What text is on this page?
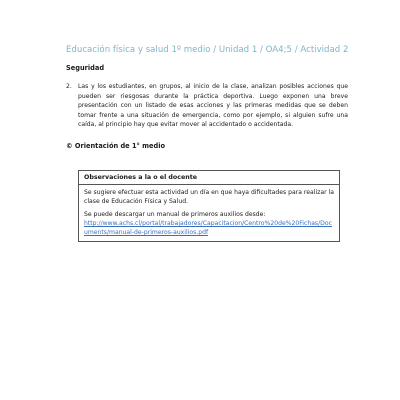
Educación física y salud 1º medio / Unidad 1 / OA4;5 / Actividad 2
Seguridad
2.	Las y los estudiantes, en grupos, al inicio de la clase, analizan posibles acciones que pueden ser riesgosas durante la práctica deportiva. Luego exponen una breve presentación con un listado de esas acciones y las primeras medidas que se deben tomar frente a una situación de emergencia, como por ejemplo, si alguien sufre una caída, al principio hay que evitar mover al accidentado o accidentada.
© Orientación de 1° medio
Observaciones a la o el docente

Se sugiere efectuar esta actividad un día en que haya dificultades para realizar la clase de Educación Física y Salud.

Se puede descargar un manual de primeros auxilios desde:

http://www.achs.cl/portal/trabajadores/Capacitacion/Centro%20de%20Fichas/Documents/manual-de-primeros-auxilios.pdf
